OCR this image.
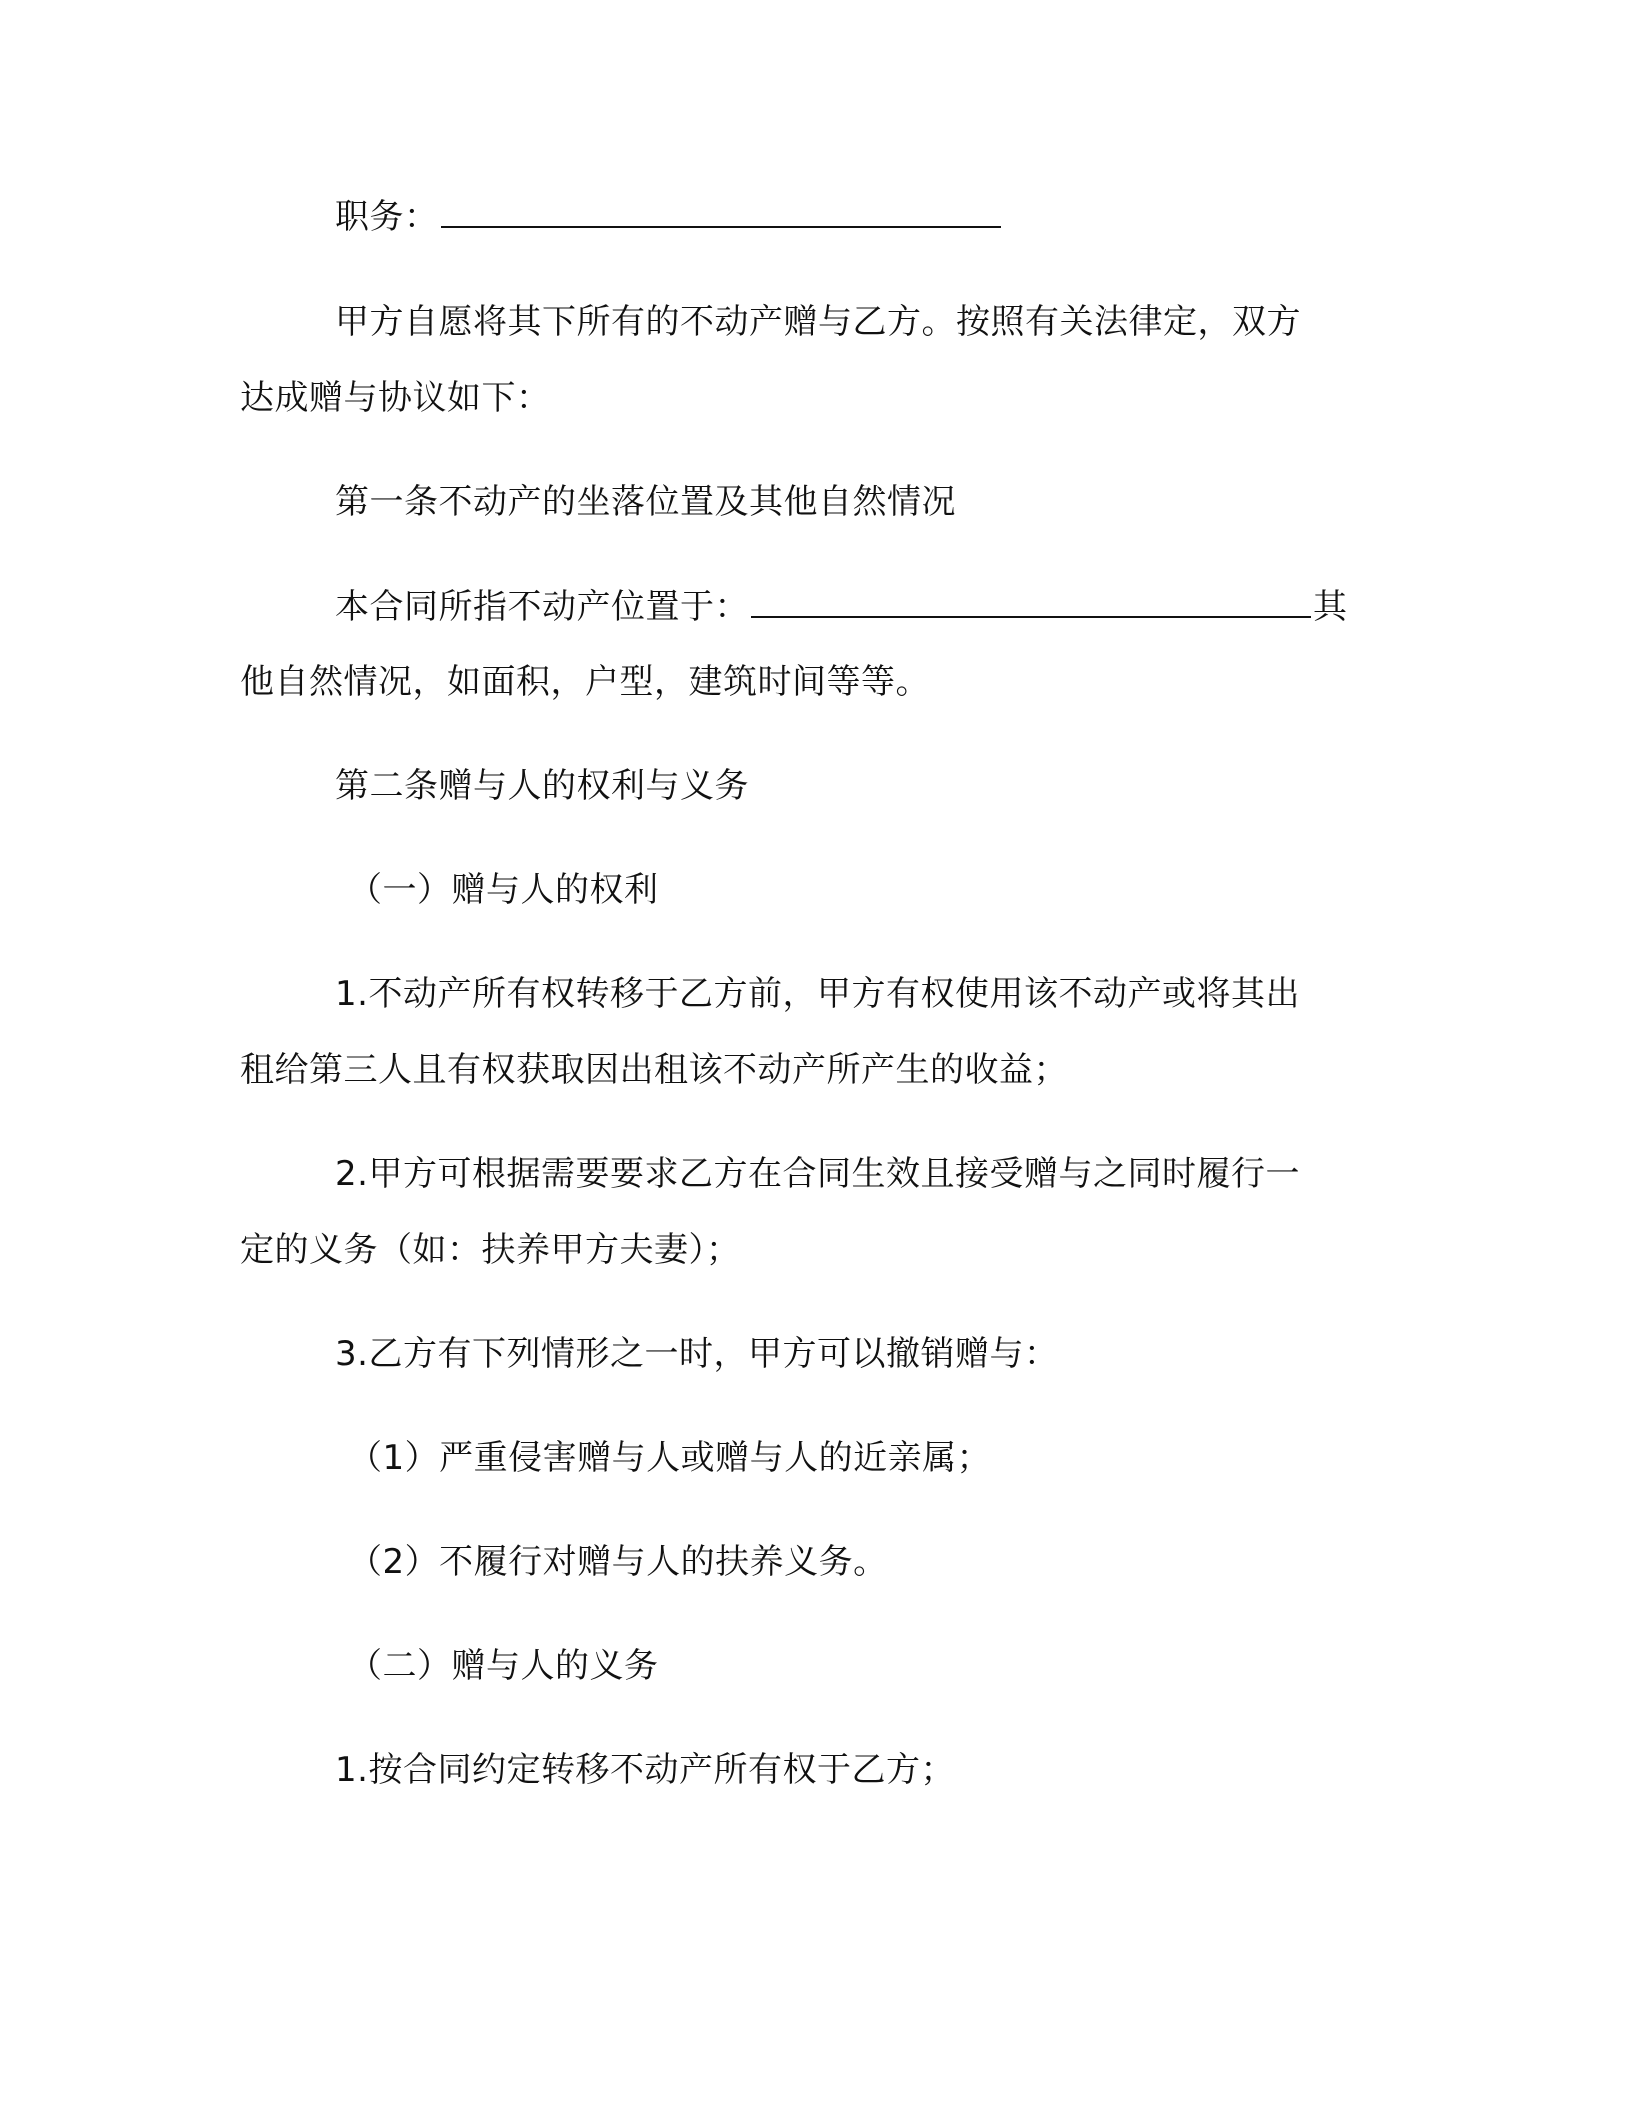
职务：
甲方自愿将其下所有的不动产赠与乙方。按照有关法律定，双方
达成赠与协议如下：
第一条不动产的坐落位置及其他自然情况
本合同所指不动产位置于：	其
他自然情况，如面积，户型，建筑时间等等。
第二条赠与人的权利与义务
（一）赠与人的权利
1.不动产所有权转移于乙方前，甲方有权使用该不动产或将其出
租给第三人且有权获取因出租该不动产所产生的收益；
2.甲方可根据需要要求乙方在合同生效且接受赠与之同时履行一
定的义务（如：扶养甲方夫妻）；
3.乙方有下列情形之一时，甲方可以撤销赠与：
（1）严重侵害赠与人或赠与人的近亲属；
（2）不履行对赠与人的扶养义务。
（二）赠与人的义务
1.按合同约定转移不动产所有权于乙方；
